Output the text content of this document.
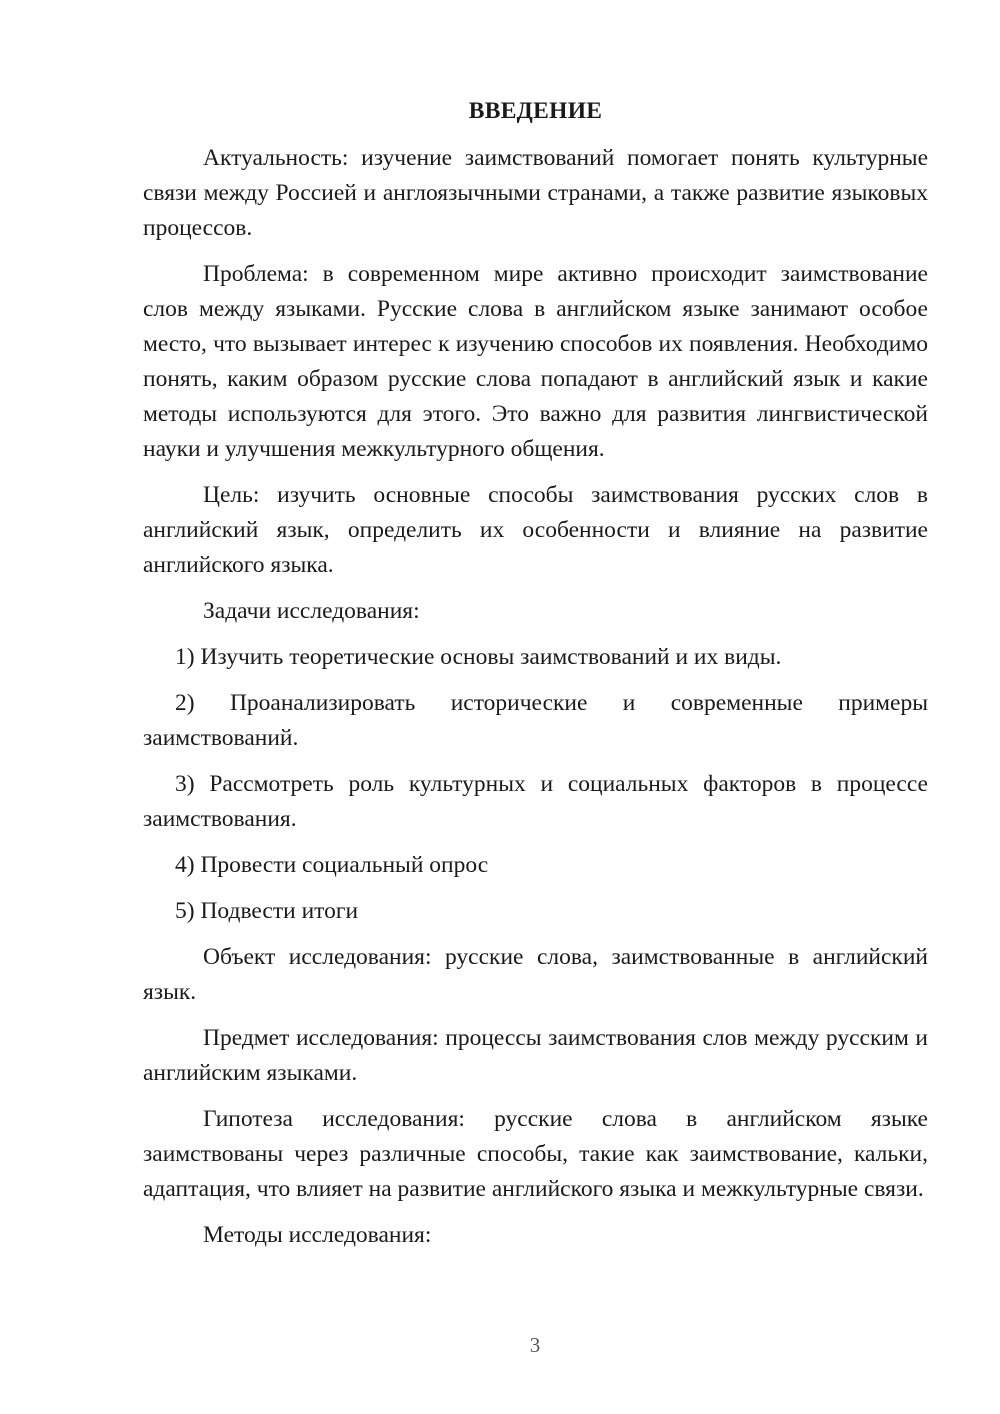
ВВЕДЕНИЕ

Актуальность: изучение заимствований помогает понять культурные связи между Россией и англоязычными странами, а также развитие языковых процессов.

Проблема: в современном мире активно происходит заимствование слов между языками. Русские слова в английском языке занимают особое место, что вызывает интерес к изучению способов их появления. Необходимо понять, каким образом русские слова попадают в английский язык и какие методы используются для этого. Это важно для развития лингвистической науки и улучшения межкультурного общения.

Цель: изучить основные способы заимствования русских слов в английский язык, определить их особенности и влияние на развитие английского языка.

Задачи исследования:

1) Изучить теоретические основы заимствований и их виды.

2) Проанализировать исторические и современные примеры заимствований.

3) Рассмотреть роль культурных и социальных факторов в процессе заимствования.

4) Провести социальный опрос

5) Подвести итоги

Объект исследования: русские слова, заимствованные в английский язык.

Предмет исследования: процессы заимствования слов между русским и английским языками.

Гипотеза исследования: русские слова в английском языке заимствованы через различные способы, такие как заимствование, кальки, адаптация, что влияет на развитие английского языка и межкультурные связи.

Методы исследования:

3
